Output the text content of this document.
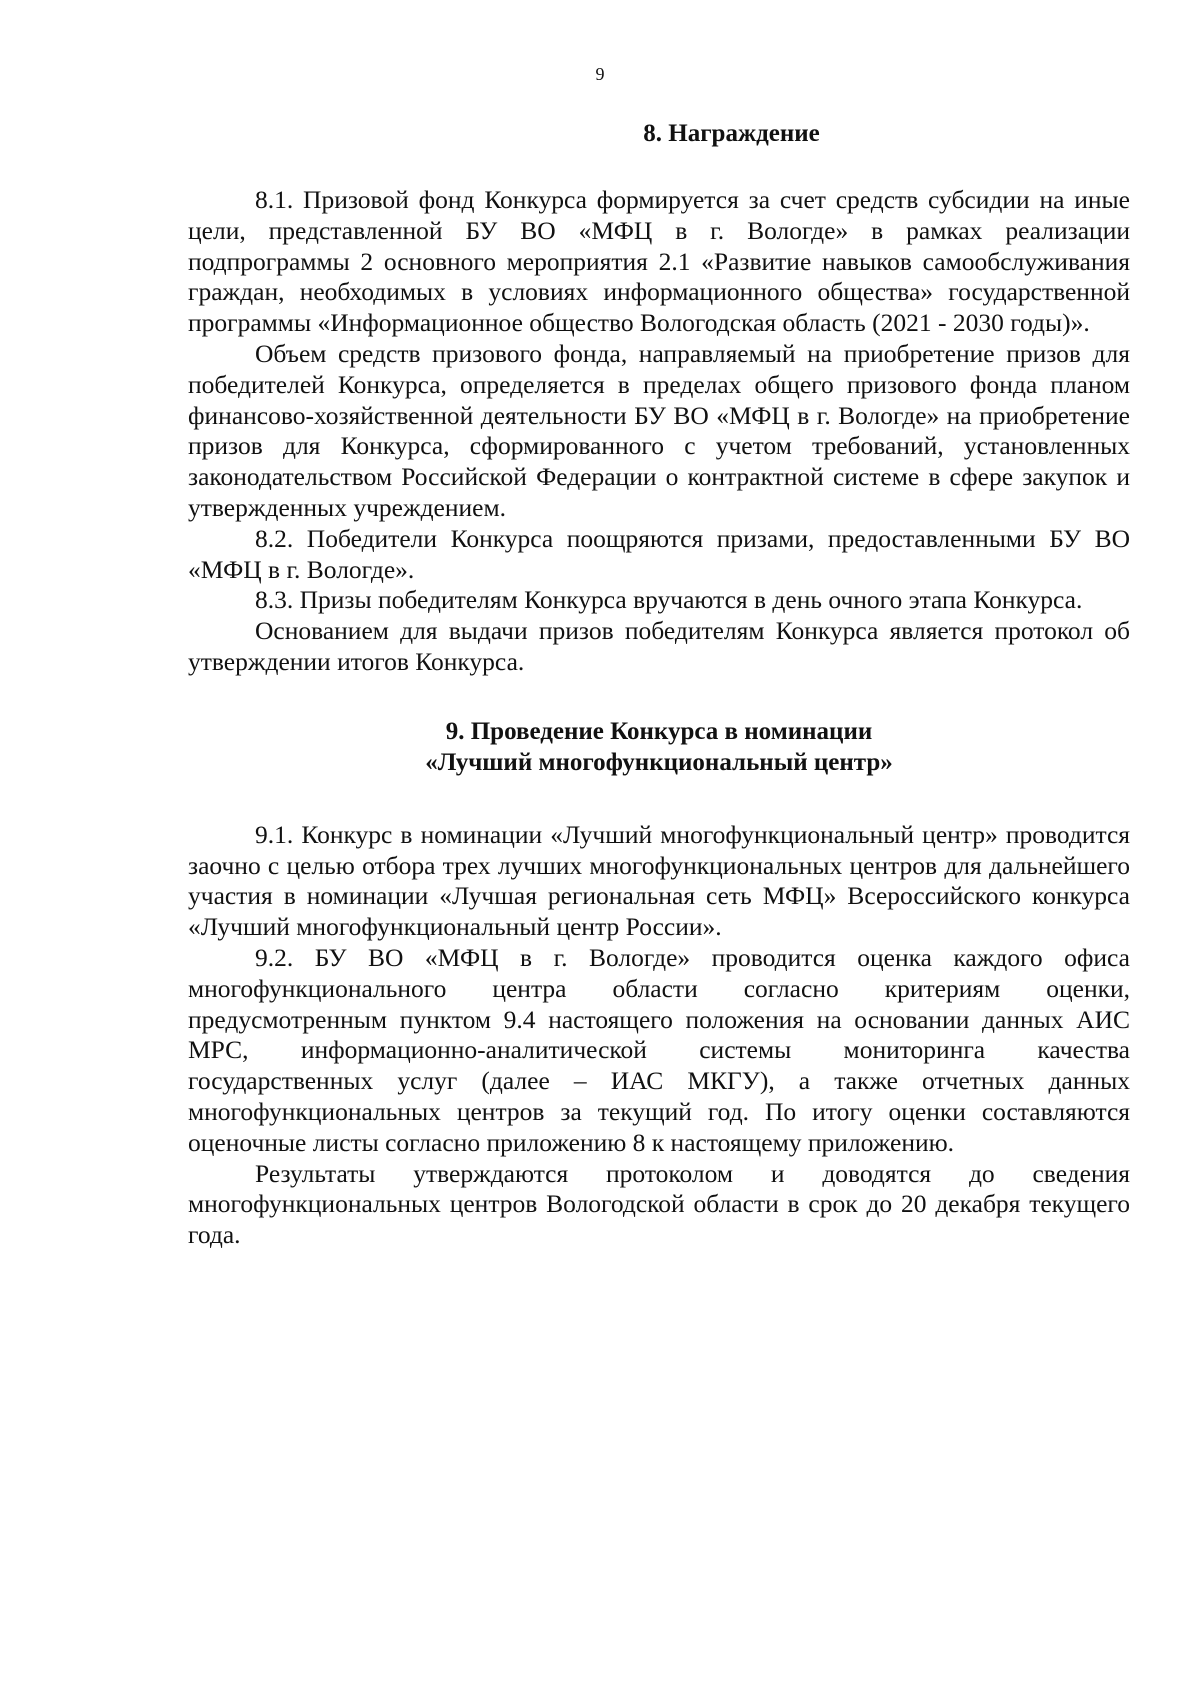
9
8. Награждение

8.1. Призовой фонд Конкурса формируется за счет средств субсидии на иные цели, представленной БУ ВО «МФЦ в г. Вологде» в рамках реализации подпрограммы 2 основного мероприятия 2.1 «Развитие навыков самообслуживания граждан, необходимых в условиях информационного общества» государственной программы «Информационное общество Вологодская область (2021 - 2030 годы)».

Объем средств призового фонда, направляемый на приобретение призов для победителей Конкурса, определяется в пределах общего призового фонда планом финансово-хозяйственной деятельности БУ ВО «МФЦ в г. Вологде» на приобретение призов для Конкурса, сформированного с учетом требований, установленных законодательством Российской Федерации о контрактной системе в сфере закупок и утвержденных учреждением.

8.2. Победители Конкурса поощряются призами, предоставленными БУ ВО «МФЦ в г. Вологде».

8.3. Призы победителям Конкурса вручаются в день очного этапа Конкурса.

Основанием для выдачи призов победителям Конкурса является протокол об утверждении итогов Конкурса.

9. Проведение Конкурса в номинации
«Лучший многофункциональный центр»

9.1. Конкурс в номинации «Лучший многофункциональный центр» проводится заочно с целью отбора трех лучших многофункциональных центров для дальнейшего участия в номинации «Лучшая региональная сеть МФЦ» Всероссийского конкурса «Лучший многофункциональный центр России».

9.2. БУ ВО «МФЦ в г. Вологде» проводится оценка каждого офиса многофункционального центра области согласно критериям оценки, предусмотренным пунктом 9.4 настоящего положения на основании данных АИС МРС, информационно-аналитической системы мониторинга качества государственных услуг (далее – ИАС МКГУ), а также отчетных данных многофункциональных центров за текущий год. По итогу оценки составляются оценочные листы согласно приложению 8 к настоящему приложению.

Результаты утверждаются протоколом и доводятся до сведения многофункциональных центров Вологодской области в срок до 20 декабря текущего года.
